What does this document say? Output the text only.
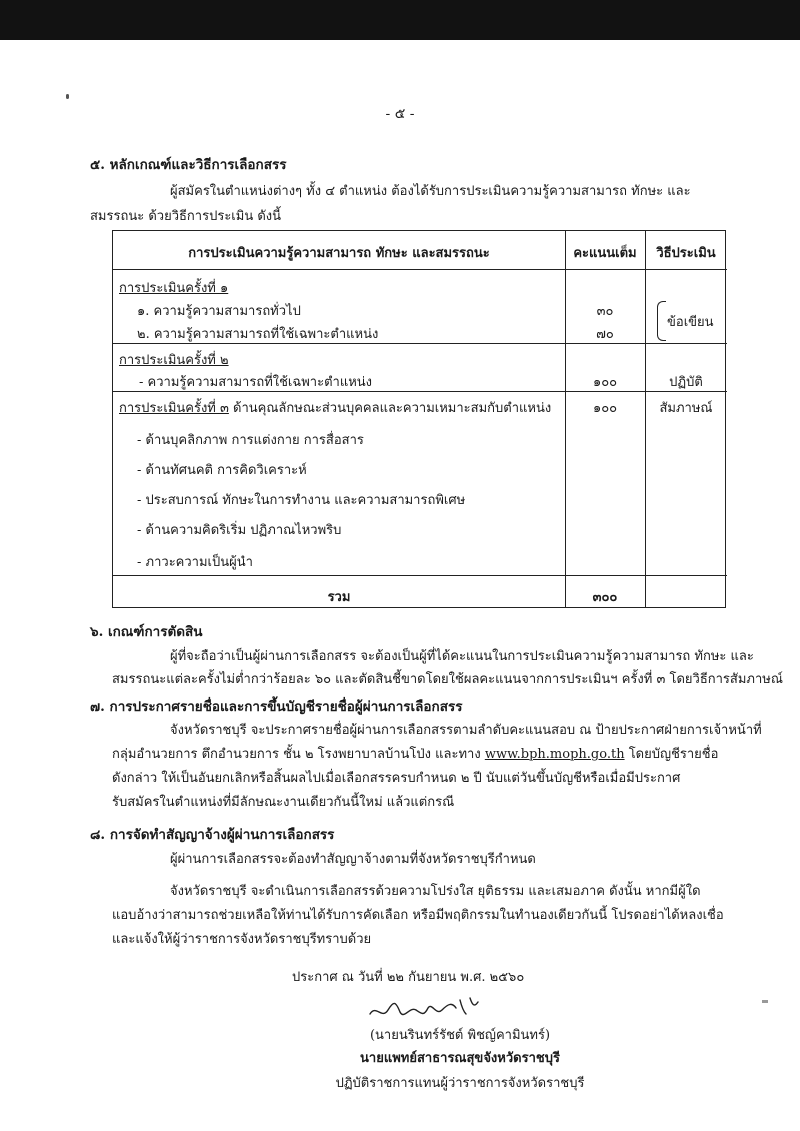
- ๕ -
๕. หลักเกณฑ์และวิธีการเลือกสรร
ผู้สมัครในตำแหน่งต่างๆ ทั้ง ๔ ตำแหน่ง ต้องได้รับการประเมินความรู้ความสามารถ ทักษะ และ
สมรรถนะ ด้วยวิธีการประเมิน ดังนี้
การประเมินความรู้ความสามารถ ทักษะ และสมรรถนะ	คะแนนเต็ม	วิธีประเมิน
การประเมินครั้งที่ ๑
๑. ความรู้ความสามารถทั่วไป	๓๐
๒. ความรู้ความสามารถที่ใช้เฉพาะตำแหน่ง	๗๐
ข้อเขียน
การประเมินครั้งที่ ๒
- ความรู้ความสามารถที่ใช้เฉพาะตำแหน่ง	๑๐๐	ปฏิบัติ
การประเมินครั้งที่ ๓ ด้านคุณลักษณะส่วนบุคคลและความเหมาะสมกับตำแหน่ง	๑๐๐	สัมภาษณ์
- ด้านบุคลิกภาพ การแต่งกาย การสื่อสาร
- ด้านทัศนคติ การคิดวิเคราะห์
- ประสบการณ์ ทักษะในการทำงาน และความสามารถพิเศษ
- ด้านความคิดริเริ่ม ปฏิภาณไหวพริบ
- ภาวะความเป็นผู้นำ
รวม	๓๐๐
๖. เกณฑ์การตัดสิน
ผู้ที่จะถือว่าเป็นผู้ผ่านการเลือกสรร จะต้องเป็นผู้ที่ได้คะแนนในการประเมินความรู้ความสามารถ ทักษะ และ
สมรรถนะแต่ละครั้งไม่ต่ำกว่าร้อยละ ๖๐ และตัดสินชี้ขาดโดยใช้ผลคะแนนจากการประเมินฯ ครั้งที่ ๓ โดยวิธีการสัมภาษณ์
๗. การประกาศรายชื่อและการขึ้นบัญชีรายชื่อผู้ผ่านการเลือกสรร
จังหวัดราชบุรี จะประกาศรายชื่อผู้ผ่านการเลือกสรรตามลำดับคะแนนสอบ ณ ป้ายประกาศฝ่ายการเจ้าหน้าที่
กลุ่มอำนวยการ ตึกอำนวยการ ชั้น ๒ โรงพยาบาลบ้านโป่ง และทาง www.bph.moph.go.th โดยบัญชีรายชื่อ
ดังกล่าว ให้เป็นอันยกเลิกหรือสิ้นผลไปเมื่อเลือกสรรครบกำหนด ๒ ปี นับแต่วันขึ้นบัญชีหรือเมื่อมีประกาศ
รับสมัครในตำแหน่งที่มีลักษณะงานเดียวกันนี้ใหม่ แล้วแต่กรณี
๘. การจัดทำสัญญาจ้างผู้ผ่านการเลือกสรร
ผู้ผ่านการเลือกสรรจะต้องทำสัญญาจ้างตามที่จังหวัดราชบุรีกำหนด
จังหวัดราชบุรี จะดำเนินการเลือกสรรด้วยความโปร่งใส ยุติธรรม และเสมอภาค ดังนั้น หากมีผู้ใด
แอบอ้างว่าสามารถช่วยเหลือให้ท่านได้รับการคัดเลือก หรือมีพฤติกรรมในทำนองเดียวกันนี้ โปรดอย่าได้หลงเชื่อ
และแจ้งให้ผู้ว่าราชการจังหวัดราชบุรีทราบด้วย
ประกาศ ณ วันที่ ๒๒ กันยายน พ.ศ. ๒๕๖๐
(นายนรินทร์รัชต์ พิชญ์คามินทร์)
นายแพทย์สาธารณสุขจังหวัดราชบุรี
ปฏิบัติราชการแทนผู้ว่าราชการจังหวัดราชบุรี
